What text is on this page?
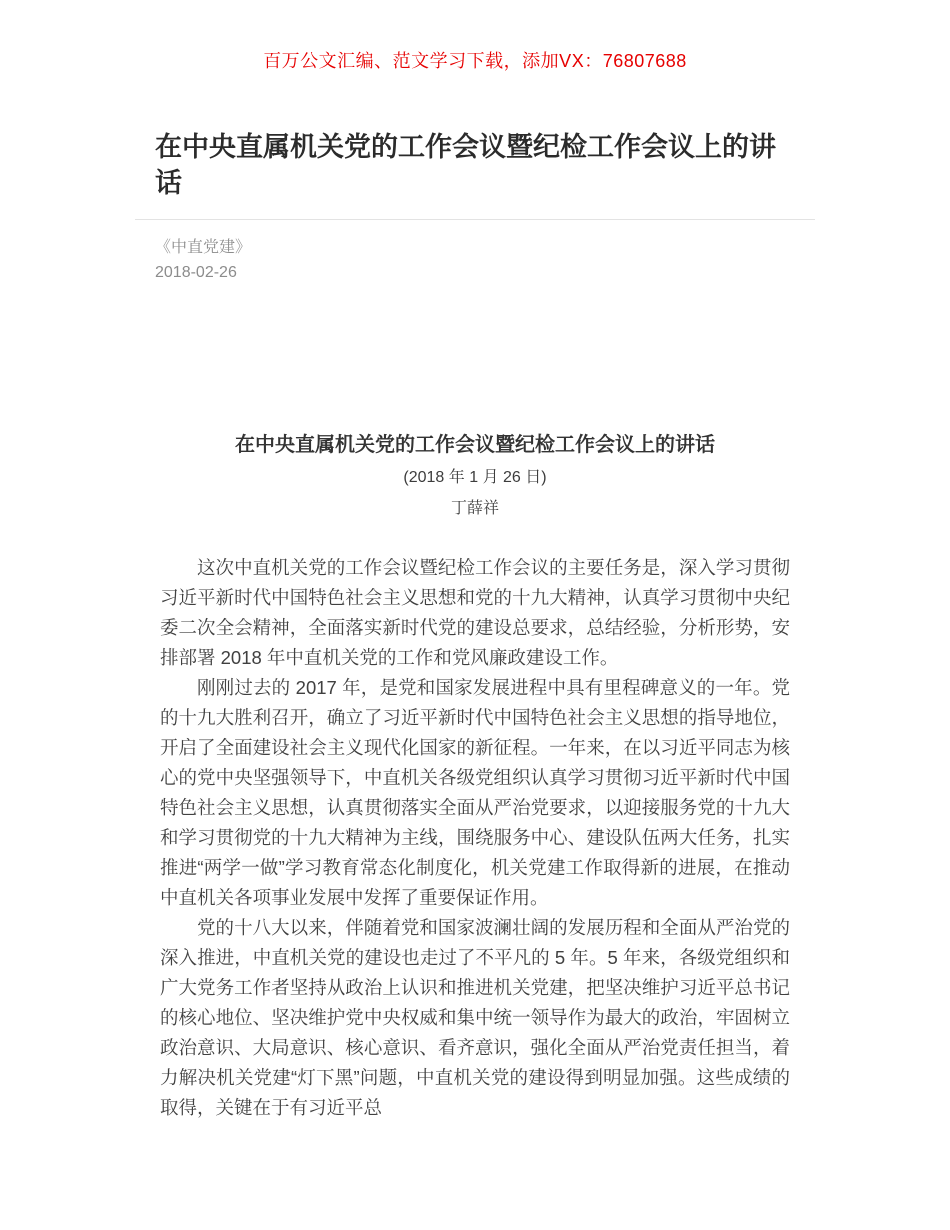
百万公文汇编、范文学习下载，添加VX：76807688
在中央直属机关党的工作会议暨纪检工作会议上的讲话
《中直党建》
2018-02-26
在中央直属机关党的工作会议暨纪检工作会议上的讲话
(2018 年 1 月 26 日)
丁薛祥

这次中直机关党的工作会议暨纪检工作会议的主要任务是，深入学习贯彻习近平新时代中国特色社会主义思想和党的十九大精神，认真学习贯彻中央纪委二次全会精神，全面落实新时代党的建设总要求，总结经验，分析形势，安排部署 2018 年中直机关党的工作和党风廉政建设工作。

刚刚过去的 2017 年，是党和国家发展进程中具有里程碑意义的一年。党的十九大胜利召开，确立了习近平新时代中国特色社会主义思想的指导地位，开启了全面建设社会主义现代化国家的新征程。一年来，在以习近平同志为核心的党中央坚强领导下，中直机关各级党组织认真学习贯彻习近平新时代中国特色社会主义思想，认真贯彻落实全面从严治党要求，以迎接服务党的十九大和学习贯彻党的十九大精神为主线，围绕服务中心、建设队伍两大任务，扎实推进“两学一做”学习教育常态化制度化，机关党建工作取得新的进展，在推动中直机关各项事业发展中发挥了重要保证作用。

党的十八大以来，伴随着党和国家波澜壮阔的发展历程和全面从严治党的深入推进，中直机关党的建设也走过了不平凡的 5 年。5 年来，各级党组织和广大党务工作者坚持从政治上认识和推进机关党建，把坚决维护习近平总书记的核心地位、坚决维护党中央权威和集中统一领导作为最大的政治，牢固树立政治意识、大局意识、核心意识、看齐意识，强化全面从严治党责任担当，着力解决机关党建“灯下黑”问题，中直机关党的建设得到明显加强。这些成绩的取得，关键在于有习近平总
